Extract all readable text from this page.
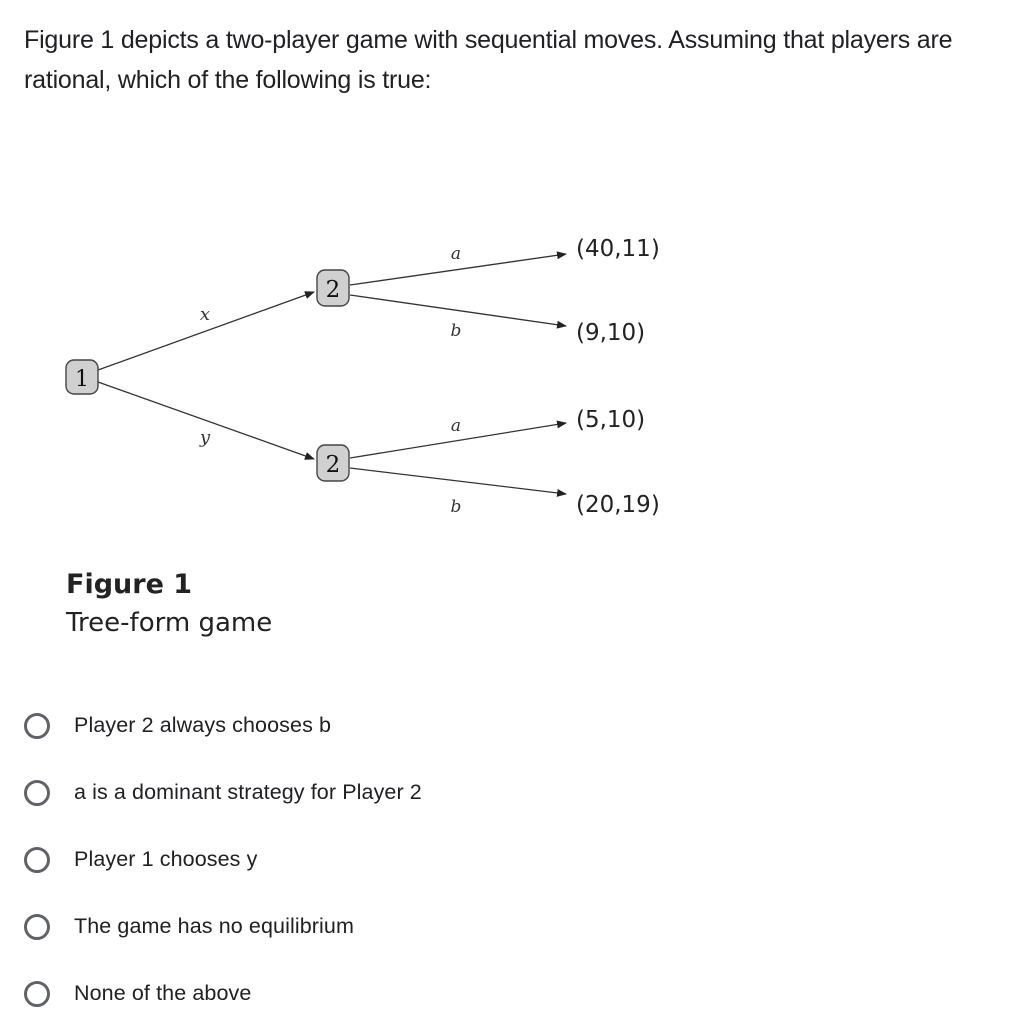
Figure 1 depicts a two-player game with sequential moves. Assuming that players are rational, which of the following is true:
1
2
2
x
y
a
b
a
b
(40,11)
(9,10)
(5,10)
(20,19)
Figure 1
Tree-form game
Player 2 always chooses b
a is a dominant strategy for Player 2
Player 1 chooses y
The game has no equilibrium
None of the above
